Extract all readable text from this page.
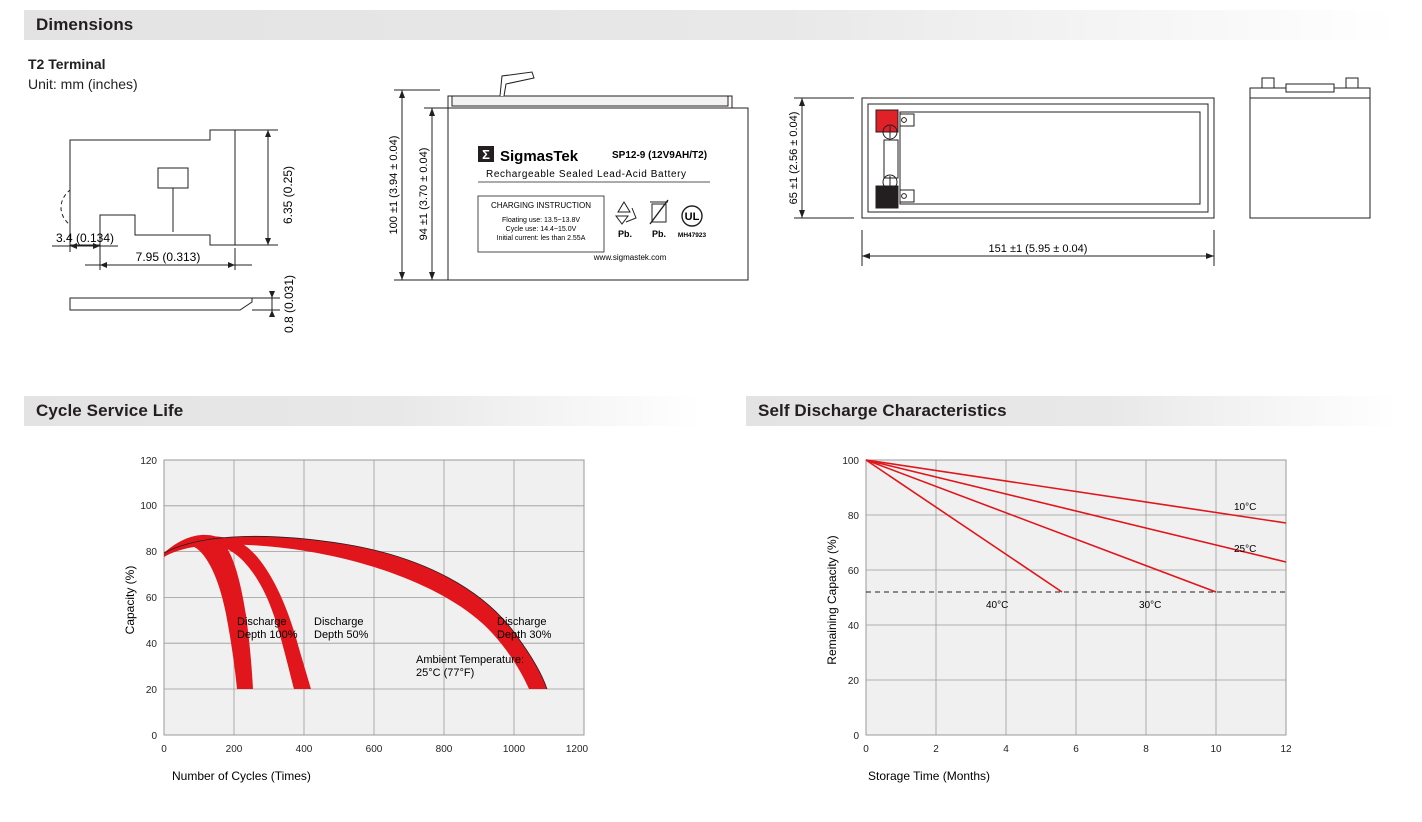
Dimensions
T2 Terminal
Unit: mm (inches)
6.35 (0.25)
3.4 (0.134)
7.95 (0.313)
0.8 (0.031)
100 ±1 (3.94 ± 0.04) 94 ±1 (3.70 ± 0.04)	Σ SigmasTek	SP12-9 (12V9AH/T2)
Rechargeable Sealed Lead-Acid Battery
CHARGING INSTRUCTION
Floating use: 13.5~13.8V
Cycle use: 14.4~15.0V
Initial current: les than 2.55A	Pb. Pb.
UL
MH47923
www.sigmastek.com
65 ±1 (2.56 ± 0.04)
151 ±1 (5.95 ± 0.04)
Cycle Service Life
Discharge
Depth 100%
Discharge
Depth 50%
Discharge
Depth 30%
Ambient Temperature:
25°C (77°F)
120
100
80
60
40
20
0
0	200	400	600	800	1000	1200
Number of Cycles (Times)
Capacity (%)
Self Discharge Characteristics
10°C
25°C
30°C
40°C
100
80
60
40
20
0
0	2	4	6	8	10	12
Storage Time (Months)
Remaining Capacity (%)
